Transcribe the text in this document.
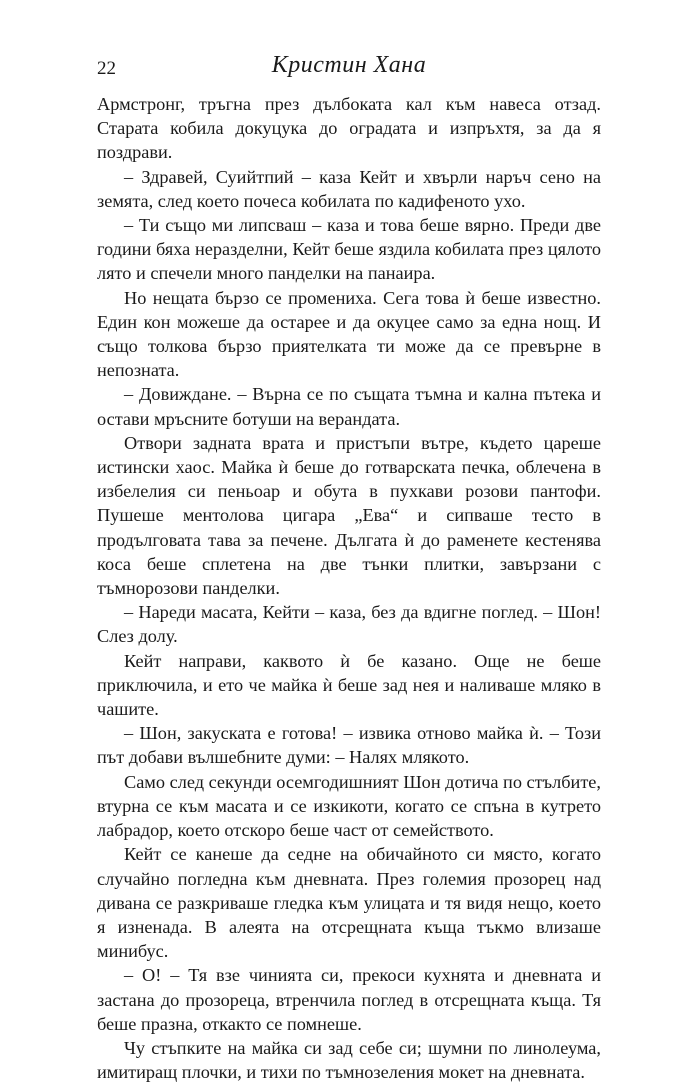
22	Кристин Хана

Армстронг, тръгна през дълбоката кал към навеса отзад. Старата кобила докуцука до оградата и изпръхтя, за да я поздрави.

– Здравей, Суийтпий – каза Кейт и хвърли наръч сено на земята, след което почеса кобилата по кадифеното ухо.

– Ти също ми липсваш – каза и това беше вярно. Преди две години бяха неразделни, Кейт беше яздила кобилата през цялото лято и спечели много панделки на панаира.

Но нещата бързо се промениха. Сега това ѝ беше известно. Един кон можеше да остарее и да окуцее само за една нощ. И също толкова бързо приятелката ти може да се превърне в непозната.

– Довиждане. – Върна се по същата тъмна и кална пътека и остави мръсните ботуши на верандата.

Отвори задната врата и пристъпи вътре, където цареше истински хаос. Майка ѝ беше до готварската печка, облечена в избелелия си пеньоар и обута в пухкави розови пантофи. Пушеше ментолова цигара „Ева“ и сипваше тесто в продълговата тава за печене. Дългата ѝ до раменете кестенява коса беше сплетена на две тънки плитки, завързани с тъмнорозови панделки.

– Нареди масата, Кейти – каза, без да вдигне поглед. – Шон! Слез долу.

Кейт направи, каквото ѝ бе казано. Още не беше приключила, и ето че майка ѝ беше зад нея и наливаше мляко в чашите.

– Шон, закуската е готова! – извика отново майка ѝ. – Този път добави вълшебните думи: – Налях млякото.

Само след секунди осемгодишният Шон дотича по стълбите, втурна се към масата и се изкикоти, когато се спъна в кутрето лабрадор, което отскоро беше част от семейството.

Кейт се канеше да седне на обичайното си място, когато случайно погледна към дневната. През големия прозорец над дивана се разкриваше гледка към улицата и тя видя нещо, което я изненада. В алеята на отсрещната къща тъкмо влизаше минибус.

– О! – Тя взе чинията си, прекоси кухнята и дневната и застана до прозореца, втренчила поглед в отсрещната къща. Тя беше празна, откакто се помнеше.

Чу стъпките на майка си зад себе си; шумни по линолеума, имитиращ плочки, и тихи по тъмнозеления мокет на дневната.
